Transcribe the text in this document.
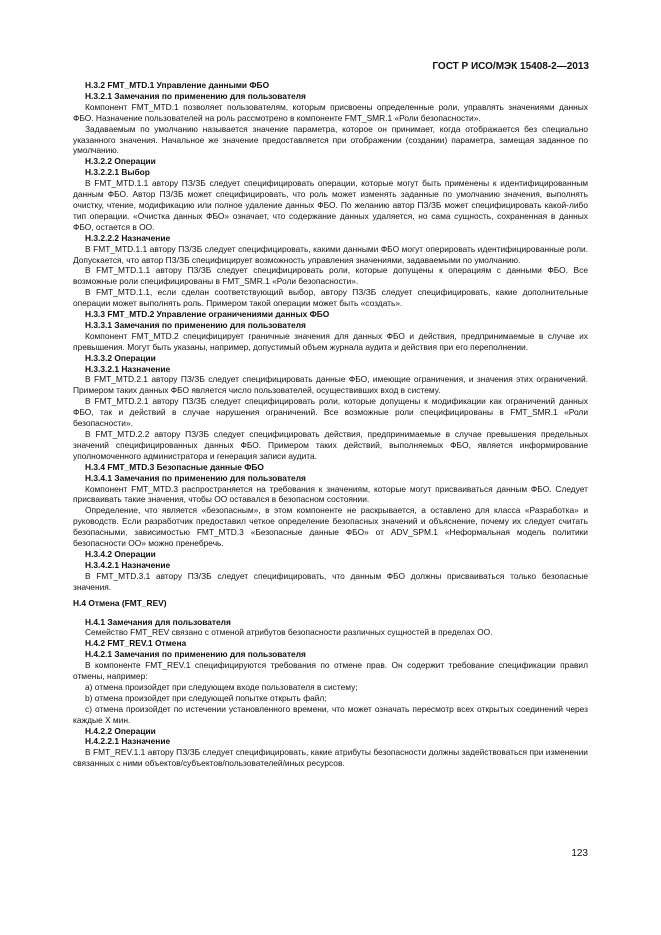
ГОСТ Р ИСО/МЭК 15408-2—2013

Н.3.2 FMT_MTD.1 Управление данными ФБО

Н.3.2.1 Замечания по применению для пользователя

Компонент FMT_MTD.1 позволяет пользователям, которым присвоены определенные роли, управлять значениями данных ФБО. Назначение пользователей на роль рассмотрено в компоненте FMT_SMR.1 «Роли безопасности».

Задаваемым по умолчанию называется значение параметра, которое он принимает, когда отображается без специально указанного значения. Начальное же значение предоставляется при отображении (создании) параметра, замещая заданное по умолчанию.

Н.3.2.2 Операции

Н.3.2.2.1 Выбор

В FMT_MTD.1.1 автору ПЗ/ЗБ следует специфицировать операции, которые могут быть применены к идентифицированным данным ФБО. Автор ПЗ/ЗБ может специфицировать, что роль может изменять заданные по умолчанию значения, выполнять очистку, чтение, модификацию или полное удаление данных ФБО. По желанию автор ПЗ/ЗБ может специфицировать какой-либо тип операции. «Очистка данных ФБО» означает, что содержание данных удаляется, но сама сущность, сохраненная в данных ФБО, остается в ОО.

Н.3.2.2.2 Назначение

В FMT_MTD.1.1 автору ПЗ/ЗБ следует специфицировать, какими данными ФБО могут оперировать идентифицированные роли. Допускается, что автор ПЗ/ЗБ специфицирует возможность управления значениями, задаваемыми по умолчанию.

В FMT_MTD.1.1 автору ПЗ/ЗБ следует специфицировать роли, которые допущены к операциям с данными ФБО. Все возможные роли специфицированы в FMT_SMR.1 «Роли безопасности».

В FMT_MTD.1.1, если сделан соответствующий выбор, автору ПЗ/ЗБ следует специфицировать, какие дополнительные операции может выполнять роль. Примером такой операции может быть «создать».

Н.3.3 FMT_MTD.2 Управление ограничениями данных ФБО

Н.3.3.1 Замечания по применению для пользователя

Компонент FMT_MTD.2 специфицирует граничные значения для данных ФБО и действия, предпринимаемые в случае их превышения. Могут быть указаны, например, допустимый объем журнала аудита и действия при его переполнении.

Н.3.3.2 Операции

Н.3.3.2.1 Назначение

В FMT_MTD.2.1 автору ПЗ/ЗБ следует специфицировать данные ФБО, имеющие ограничения, и значения этих ограничений. Примером таких данных ФБО является число пользователей, осуществивших вход в систему.

В FMT_MTD.2.1 автору ПЗ/ЗБ следует специфицировать роли, которые допущены к модификации как ограничений данных ФБО, так и действий в случае нарушения ограничений. Все возможные роли специфицированы в FMT_SMR.1 «Роли безопасности».

В FMT_MTD.2.2 автору ПЗ/ЗБ следует специфицировать действия, предпринимаемые в случае превышения предельных значений специфицированных данных ФБО. Примером таких действий, выполняемых ФБО, является информирование уполномоченного администратора и генерация записи аудита.

Н.3.4 FMT_MTD.3 Безопасные данные ФБО

Н.3.4.1 Замечания по применению для пользователя

Компонент FMT_MTD.3 распространяется на требования к значениям, которые могут присваиваться данным ФБО. Следует присваивать такие значения, чтобы ОО оставался в безопасном состоянии.

Определение, что является «безопасным», в этом компоненте не раскрывается, а оставлено для класса «Разработка» и руководств. Если разработчик предоставил четкое определение безопасных значений и объяснение, почему их следует считать безопасными, зависимостью FMT_MTD.3 «Безопасные данные ФБО» от ADV_SPM.1 «Неформальная модель политики безопасности ОО» можно пренебречь.

Н.3.4.2 Операции

Н.3.4.2.1 Назначение

В FMT_MTD.3.1 автору ПЗ/ЗБ следует специфицировать, что данным ФБО должны присваиваться только безопасные значения.

Н.4 Отмена (FMT_REV)

Н.4.1 Замечания для пользователя

Семейство FMT_REV связано с отменой атрибутов безопасности различных сущностей в пределах ОО.

Н.4.2 FMT_REV.1 Отмена

Н.4.2.1 Замечания по применению для пользователя

В компоненте FMT_REV.1 специфицируются требования по отмене прав. Он содержит требование спецификации правил отмены, например:

а) отмена произойдет при следующем входе пользователя в систему;

b) отмена произойдет при следующей попытке открыть файл;

с) отмена произойдет по истечении установленного времени, что может означать пересмотр всех открытых соединений через каждые X мин.

Н.4.2.2 Операции

Н.4.2.2.1 Назначение

В FMT_REV.1.1 автору ПЗ/ЗБ следует специфицировать, какие атрибуты безопасности должны задействоваться при изменении связанных с ними объектов/субъектов/пользователей/иных ресурсов.

123
